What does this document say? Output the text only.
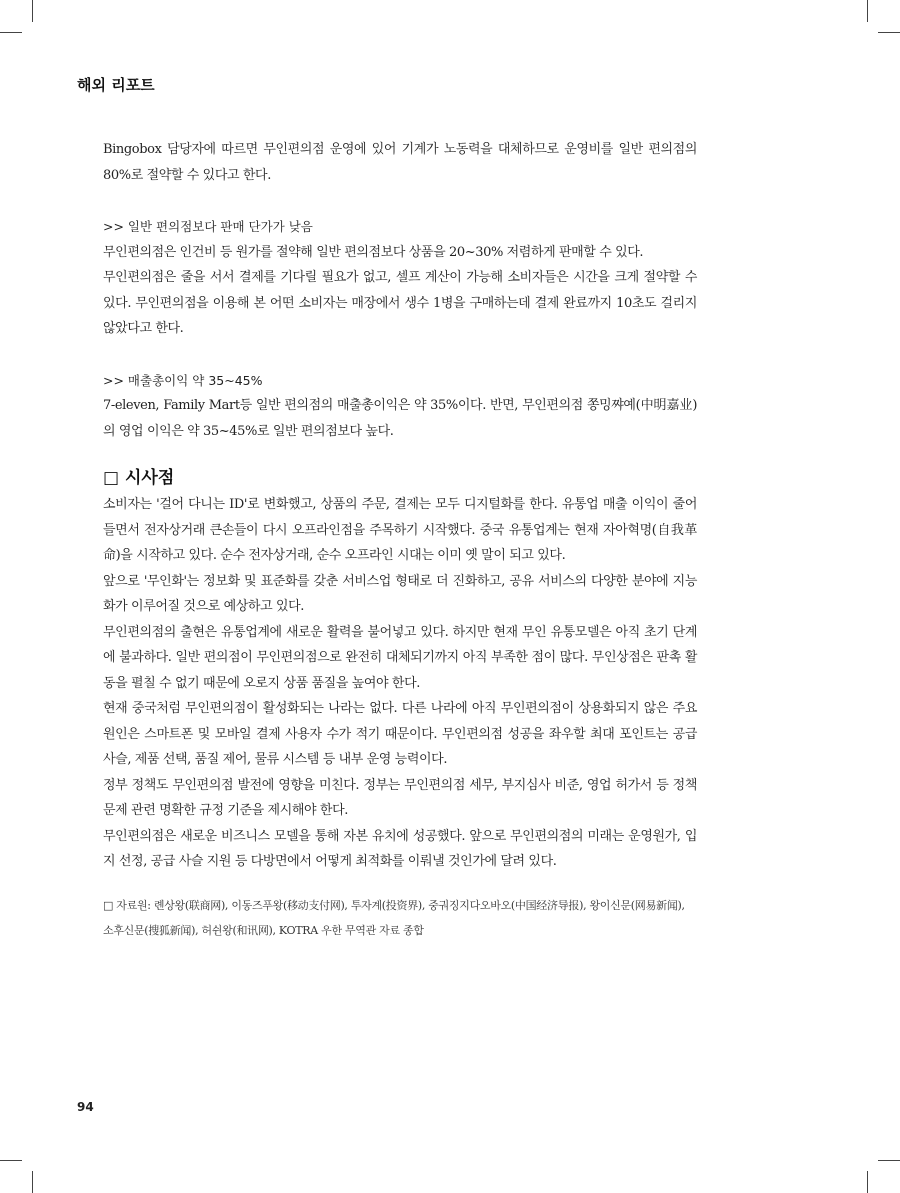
해외 리포트

Bingobox 담당자에 따르면 무인편의점 운영에 있어 기계가 노동력을 대체하므로 운영비를 일반 편의점의 80%로 절약할 수 있다고 한다.

>> 일반 편의점보다 판매 단가가 낮음

무인편의점은 인건비 등 원가를 절약해 일반 편의점보다 상품을 20~30% 저렴하게 판매할 수 있다.

무인편의점은 줄을 서서 결제를 기다릴 필요가 없고, 셀프 계산이 가능해 소비자들은 시간을 크게 절약할 수 있다. 무인편의점을 이용해 본 어떤 소비자는 매장에서 생수 1병을 구매하는데 결제 완료까지 10초도 걸리지 않았다고 한다.

>> 매출총이익 약 35~45%

7-eleven, Family Mart등 일반 편의점의 매출총이익은 약 35%이다. 반면, 무인편의점 쫑밍쨔예(中明嘉业)의 영업 이익은 약 35~45%로 일반 편의점보다 높다.

□ 시사점

소비자는 '걸어 다니는 ID'로 변화했고, 상품의 주문, 결제는 모두 디지털화를 한다. 유통업 매출 이익이 줄어들면서 전자상거래 큰손들이 다시 오프라인점을 주목하기 시작했다. 중국 유통업계는 현재 자아혁명(自我革命)을 시작하고 있다. 순수 전자상거래, 순수 오프라인 시대는 이미 옛 말이 되고 있다.

앞으로 '무인화'는 정보화 및 표준화를 갖춘 서비스업 형태로 더 진화하고, 공유 서비스의 다양한 분야에 지능화가 이루어질 것으로 예상하고 있다.

무인편의점의 출현은 유통업계에 새로운 활력을 불어넣고 있다. 하지만 현재 무인 유통모델은 아직 초기 단계에 불과하다. 일반 편의점이 무인편의점으로 완전히 대체되기까지 아직 부족한 점이 많다. 무인상점은 판촉 활동을 펼칠 수 없기 때문에 오로지 상품 품질을 높여야 한다.

현재 중국처럼 무인편의점이 활성화되는 나라는 없다. 다른 나라에 아직 무인편의점이 상용화되지 않은 주요 원인은 스마트폰 및 모바일 결제 사용자 수가 적기 때문이다. 무인편의점 성공을 좌우할 최대 포인트는 공급 사슬, 제품 선택, 품질 제어, 물류 시스템 등 내부 운영 능력이다.

정부 정책도 무인편의점 발전에 영향을 미친다. 정부는 무인편의점 세무, 부지심사 비준, 영업 허가서 등 정책 문제 관련 명확한 규정 기준을 제시해야 한다.

무인편의점은 새로운 비즈니스 모델을 통해 자본 유치에 성공했다. 앞으로 무인편의점의 미래는 운영원가, 입지 선정, 공급 사슬 지원 등 다방면에서 어떻게 최적화를 이뤄낼 것인가에 달려 있다.

□ 자료원: 롄상왕(联商网), 이동즈푸왕(移动支付网), 투자계(投资界), 중궈징지다오바오(中国经济导报), 왕이신문(网易新闻), 소후신문(搜狐新闻), 허쉰왕(和讯网), KOTRA 우한 무역관 자료 종합

94
